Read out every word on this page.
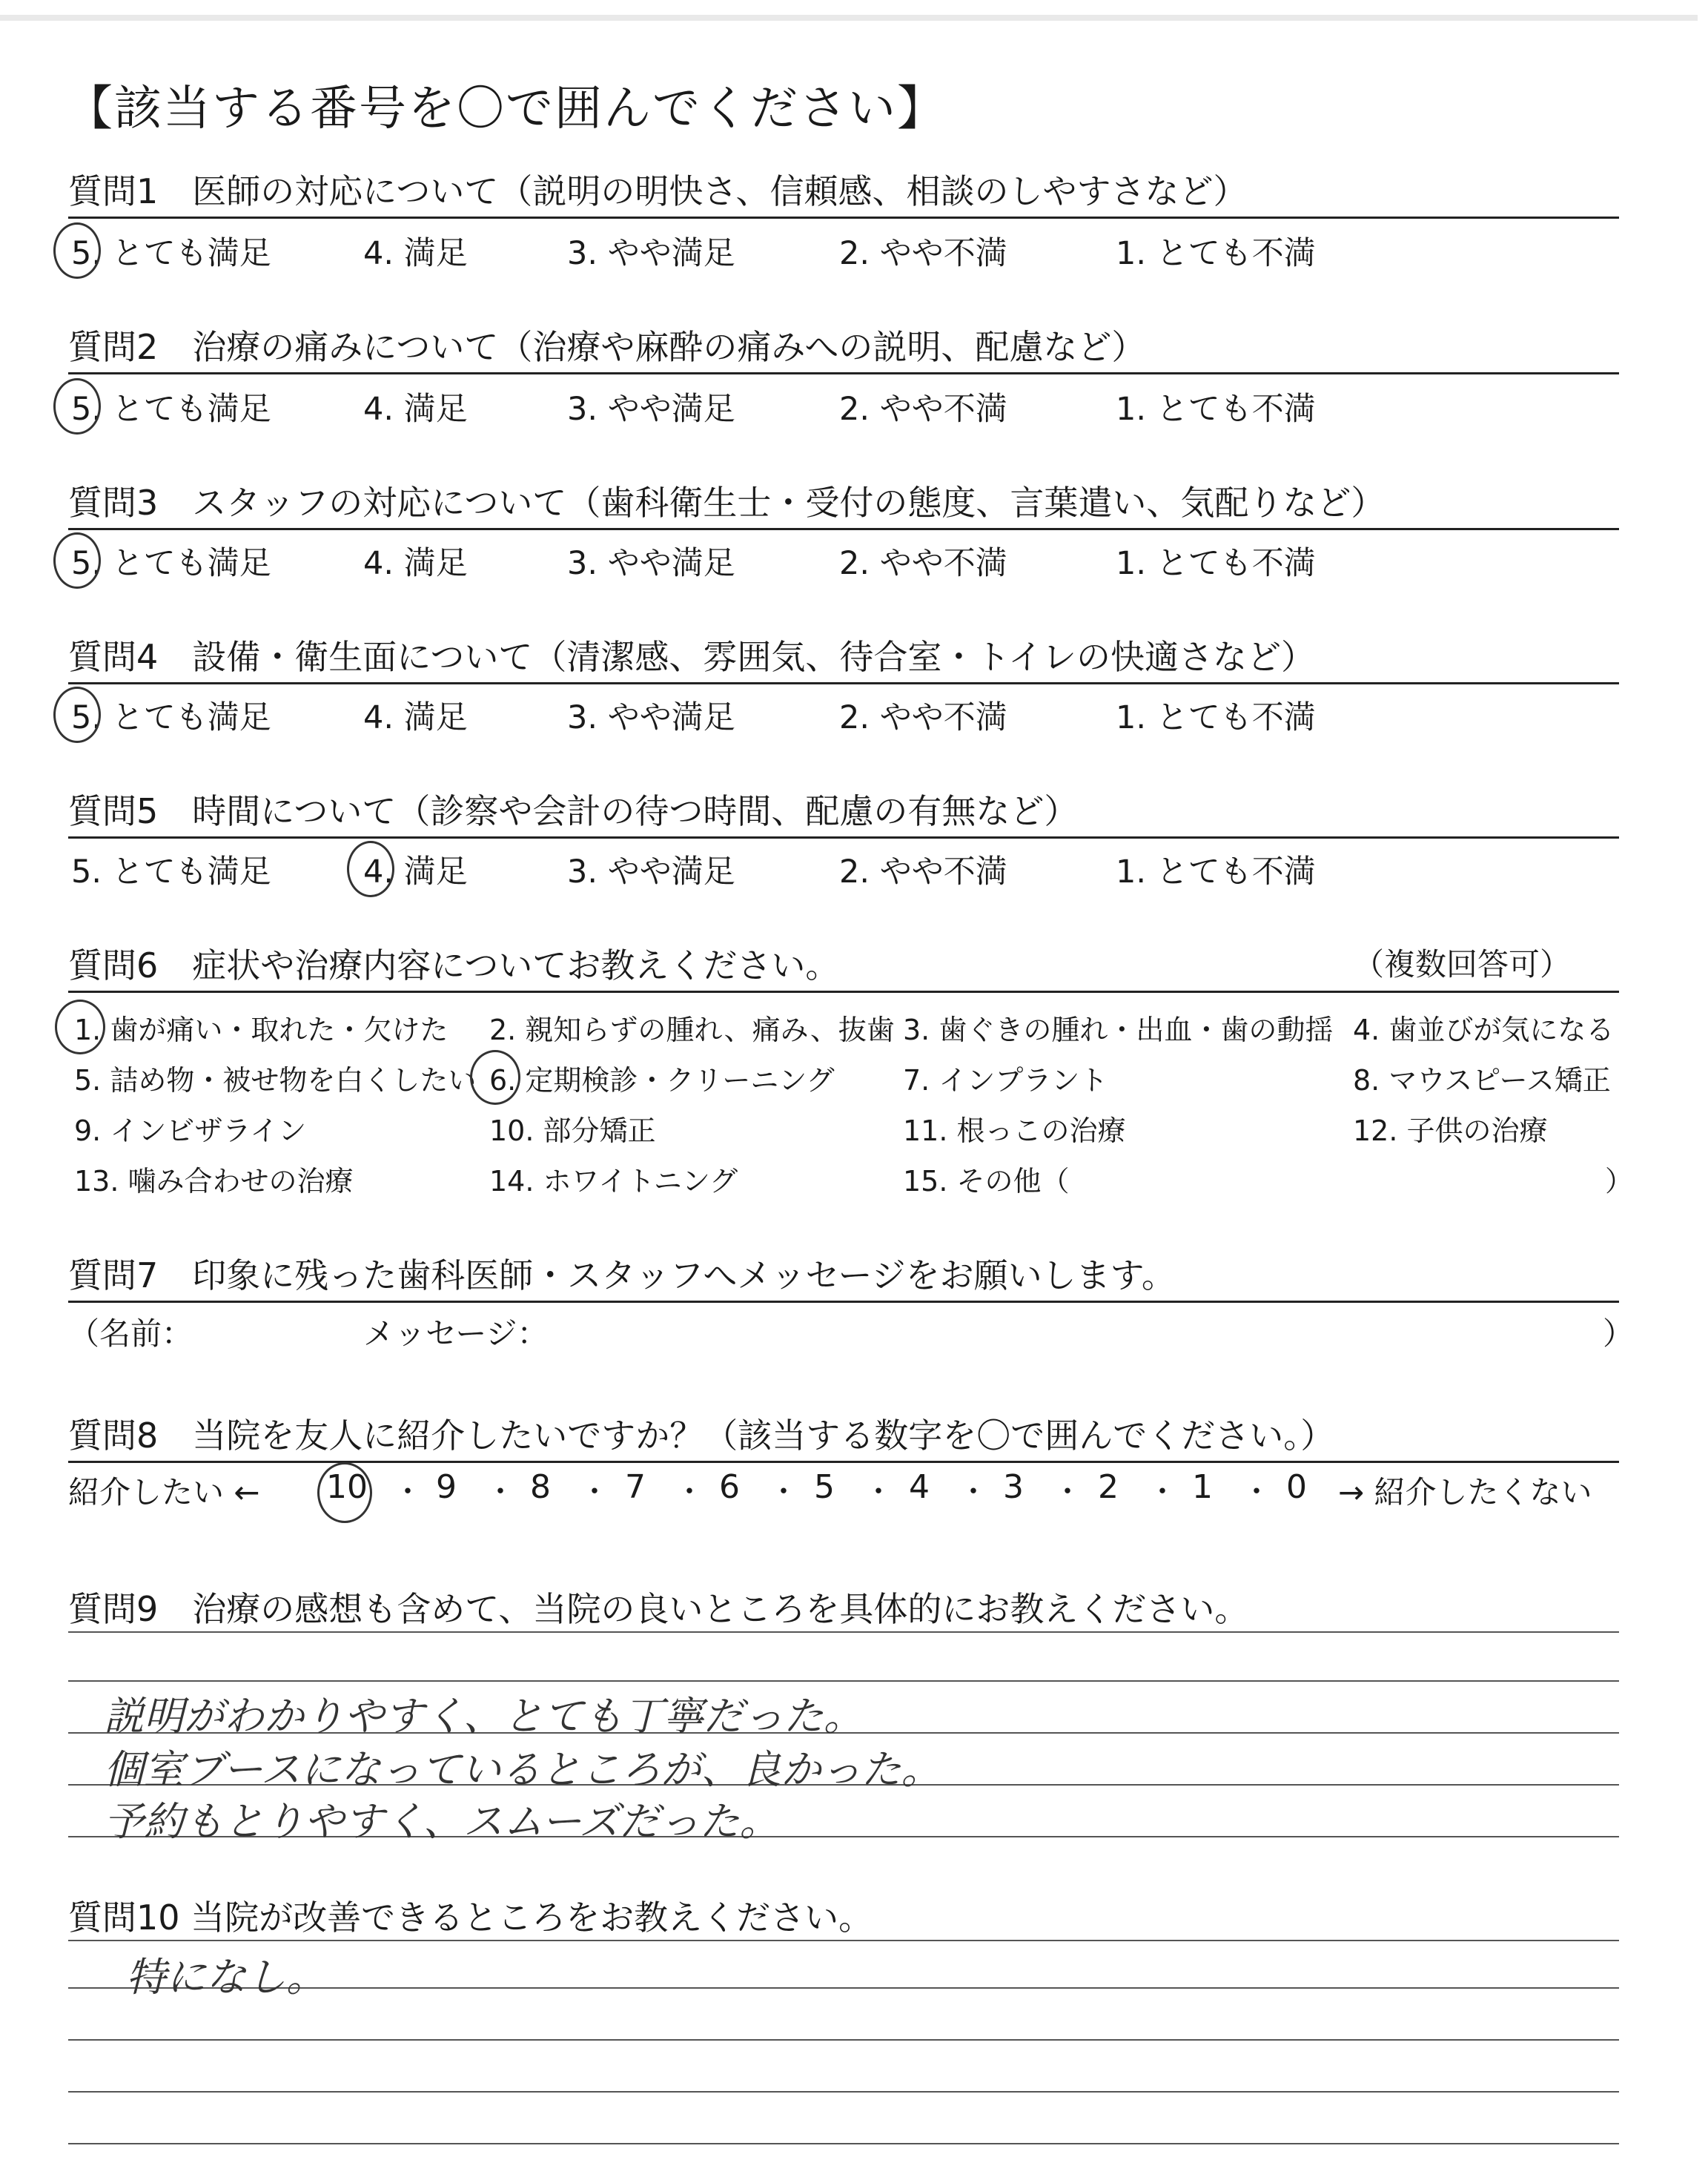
【該当する番号を〇で囲んでください】
質問1　医師の対応について（説明の明快さ、信頼感、相談のしやすさなど）
5. とても満足	4. 満足	3. やや満足	2. やや不満	1. とても不満
質問2　治療の痛みについて（治療や麻酔の痛みへの説明、配慮など）
5. とても満足	4. 満足	3. やや満足	2. やや不満	1. とても不満
質問3　スタッフの対応について（歯科衛生士・受付の態度、言葉遣い、気配りなど）
5. とても満足	4. 満足	3. やや満足	2. やや不満	1. とても不満
質問4　設備・衛生面について（清潔感、雰囲気、待合室・トイレの快適さなど）
5. とても満足	4. 満足	3. やや満足	2. やや不満	1. とても不満
質問5　時間について（診察や会計の待つ時間、配慮の有無など）
5. とても満足	4. 満足	3. やや満足	2. やや不満	1. とても不満
質問6　症状や治療内容についてお教えください。	（複数回答可）
1. 歯が痛い・取れた・欠けた 2. 親知らずの腫れ、痛み、抜歯 3. 歯ぐきの腫れ・出血・歯の動揺 4. 歯並びが気になる
5. 詰め物・被せ物を白くしたい 6. 定期検診・クリーニング 7. インプラント	8. マウスピース矯正
9. インビザライン	10. 部分矯正	11. 根っこの治療	12. 子供の治療
13. 噛み合わせの治療	14. ホワイトニング	15. その他（	）
質問7　印象に残った歯科医師・スタッフへメッセージをお願いします。
（名前：	メッセージ：	）
質問8　当院を友人に紹介したいですか？（該当する数字を〇で囲んでください。）
紹介したい ← 10 ・ 9 ・ 8 ・ 7 ・ 6 ・ 5 ・ 4 ・ 3 ・ 2 ・ 1 ・ 0 → 紹介したくない
質問9　治療の感想も含めて、当院の良いところを具体的にお教えください。
説明がわかりやすく、とても丁寧だった。
個室ブースになっているところが、良かった。
予約もとりやすく、スムーズだった。
質問10 当院が改善できるところをお教えください。
特になし。
